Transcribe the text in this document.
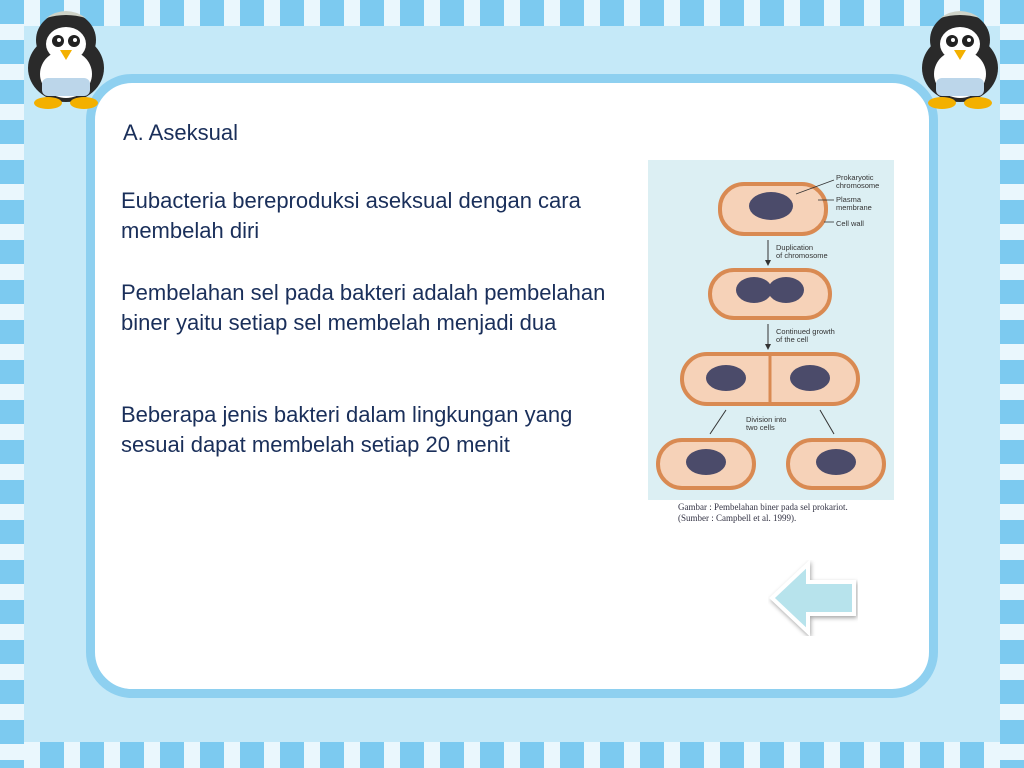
A. Aseksual
Eubacteria bereproduksi aseksual dengan cara membelah diri
Pembelahan sel pada bakteri adalah pembelahan biner yaitu setiap sel membelah menjadi dua
Beberapa jenis bakteri dalam lingkungan yang sesuai dapat membelah setiap 20 menit
Prokaryotic
chromosome
Plasma
membrane
Cell wall
Duplication
of chromosome
Continued growth
of the cell
Division into
two cells
Gambar : Pembelahan biner pada sel prokariot.
(Sumber : Campbell et al. 1999).
